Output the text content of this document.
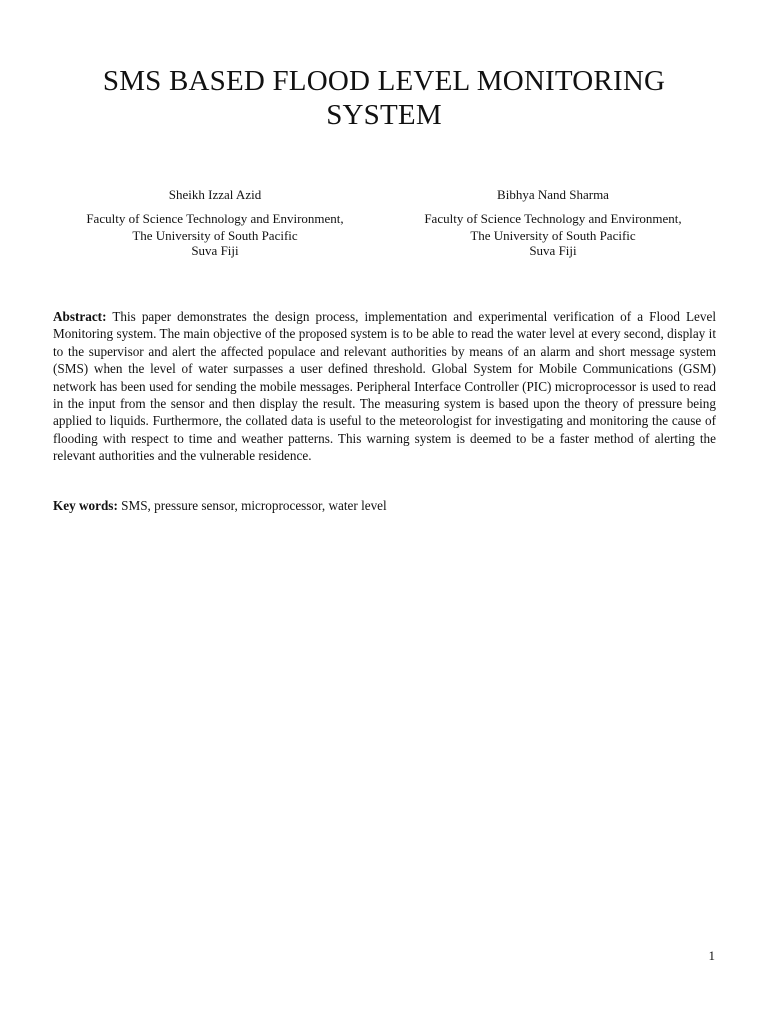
SMS BASED FLOOD LEVEL MONITORING SYSTEM
Sheikh Izzal Azid
Faculty of Science Technology and Environment,
The University of South Pacific
Suva Fiji
Bibhya Nand Sharma
Faculty of Science Technology and Environment,
The University of South Pacific
Suva Fiji
Abstract: This paper demonstrates the design process, implementation and experimental verification of a Flood Level Monitoring system. The main objective of the proposed system is to be able to read the water level at every second, display it to the supervisor and alert the affected populace and relevant authorities by means of an alarm and short message system (SMS) when the level of water surpasses a user defined threshold. Global System for Mobile Communications (GSM) network has been used for sending the mobile messages. Peripheral Interface Controller (PIC) microprocessor is used to read in the input from the sensor and then display the result. The measuring system is based upon the theory of pressure being applied to liquids. Furthermore, the collated data is useful to the meteorologist for investigating and monitoring the cause of flooding with respect to time and weather patterns. This warning system is deemed to be a faster method of alerting the relevant authorities and the vulnerable residence.
Key words: SMS, pressure sensor, microprocessor, water level
1
